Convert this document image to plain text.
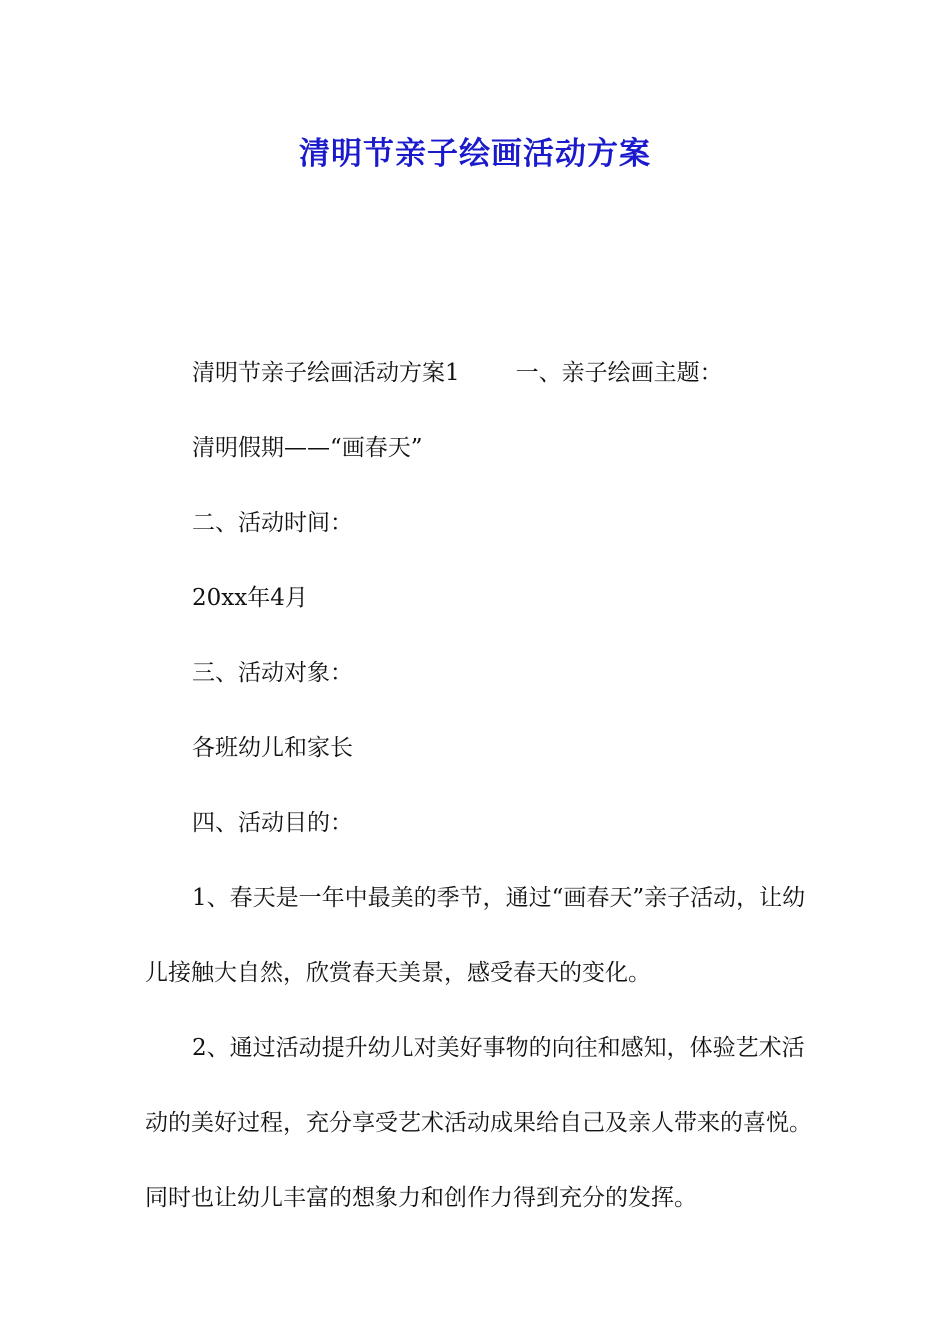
清明节亲子绘画活动方案

清明节亲子绘画活动方案1 一、亲子绘画主题：

清明假期——“画春天”

二、活动时间：

20xx年4月

三、活动对象：

各班幼儿和家长

四、活动目的：

1、春天是一年中最美的季节，通过“画春天”亲子活动，让幼儿接触大自然，欣赏春天美景，感受春天的变化。

2、通过活动提升幼儿对美好事物的向往和感知，体验艺术活动的美好过程，充分享受艺术活动成果给自己及亲人带来的喜悦。同时也让幼儿丰富的想象力和创作力得到充分的发挥。
